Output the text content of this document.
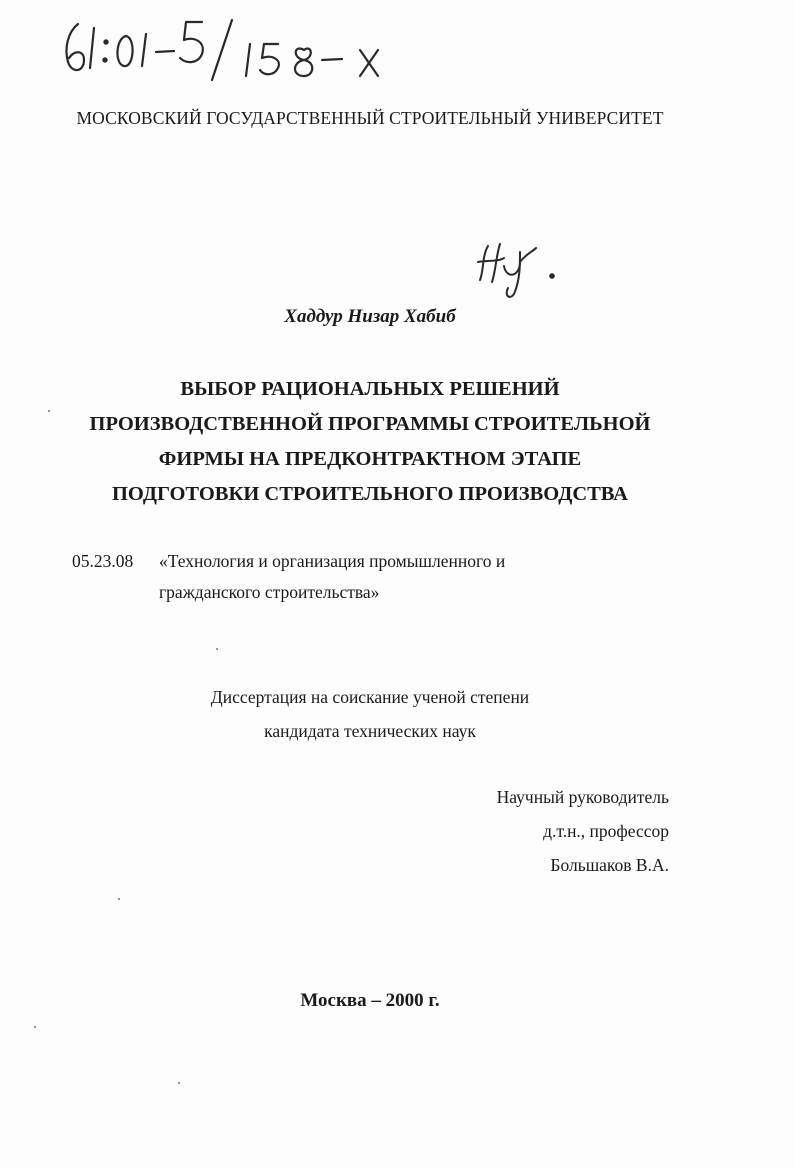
МОСКОВСКИЙ ГОСУДАРСТВЕННЫЙ СТРОИТЕЛЬНЫЙ УНИВЕРСИТЕТ
Хаддур Низар Хабиб
ВЫБОР РАЦИОНАЛЬНЫХ РЕШЕНИЙ
ПРОИЗВОДСТВЕННОЙ ПРОГРАММЫ СТРОИТЕЛЬНОЙ
ФИРМЫ НА ПРЕДКОНТРАКТНОМ ЭТАПЕ
ПОДГОТОВКИ СТРОИТЕЛЬНОГО ПРОИЗВОДСТВА
05.23.08 «Технология и организация промышленного и
гражданского строительства»
Диссертация на соискание ученой степени
кандидата технических наук
Научный руководитель
д.т.н., профессор
Большаков В.А.
Москва – 2000 г.
